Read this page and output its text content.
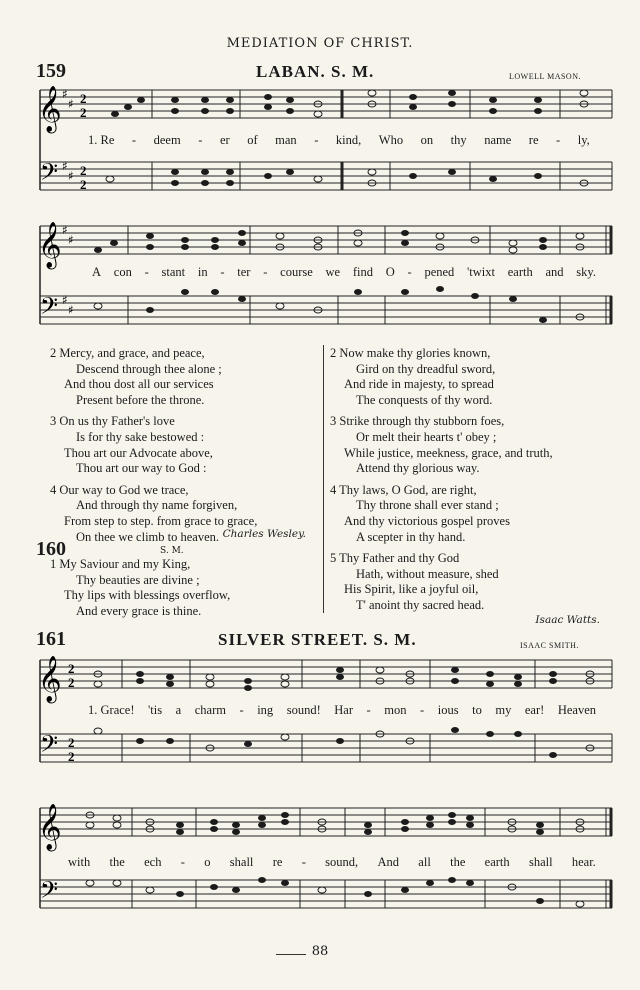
MEDIATION OF CHRIST.
159	LABAN. S. M.	LOWELL MASON.
𝄞
𝄢
♯
♯
♯
♯
2
2
2
2
1. Re - deem - er of man - kind, Who on thy name re - ly,
𝄞
𝄢
♯
♯
♯
♯
A con - stant in - ter - course we find O - pened 'twixt earth and sky.
2 Mercy, and grace, and peace,
Descend through thee alone ;
And thou dost all our services
Present before the throne.
3 On us thy Father's love
Is for thy sake bestowed :
Thou art our Advocate above,
Thou art our way to God :
4 Our way to God we trace,
And through thy name forgiven,
From step to step. from grace to grace,
On thee we climb to heaven. Charles Wesley.
160	S. M.
1 My Saviour and my King,
Thy beauties are divine ;
Thy lips with blessings overflow,
And every grace is thine.
2 Now make thy glories known,
Gird on thy dreadful sword,
And ride in majesty, to spread
The conquests of thy word.
3 Strike through thy stubborn foes,
Or melt their hearts t' obey ;
While justice, meekness, grace, and truth,
Attend thy glorious way.
4 Thy laws, O God, are right,
Thy throne shall ever stand ;
And thy victorious gospel proves
A scepter in thy hand.
5 Thy Father and thy God
Hath, without measure, shed
His Spirit, like a joyful oil,
T' anoint thy sacred head.
Isaac Watts.
161	SILVER STREET. S. M.	ISAAC SMITH.
𝄞
𝄢
2
2
2
2
1. Grace! 'tis a charm - ing sound! Har - mon - ious to my ear! Heaven
𝄞
𝄢
with the ech - o shall re - sound, And all the earth shall hear.
88
